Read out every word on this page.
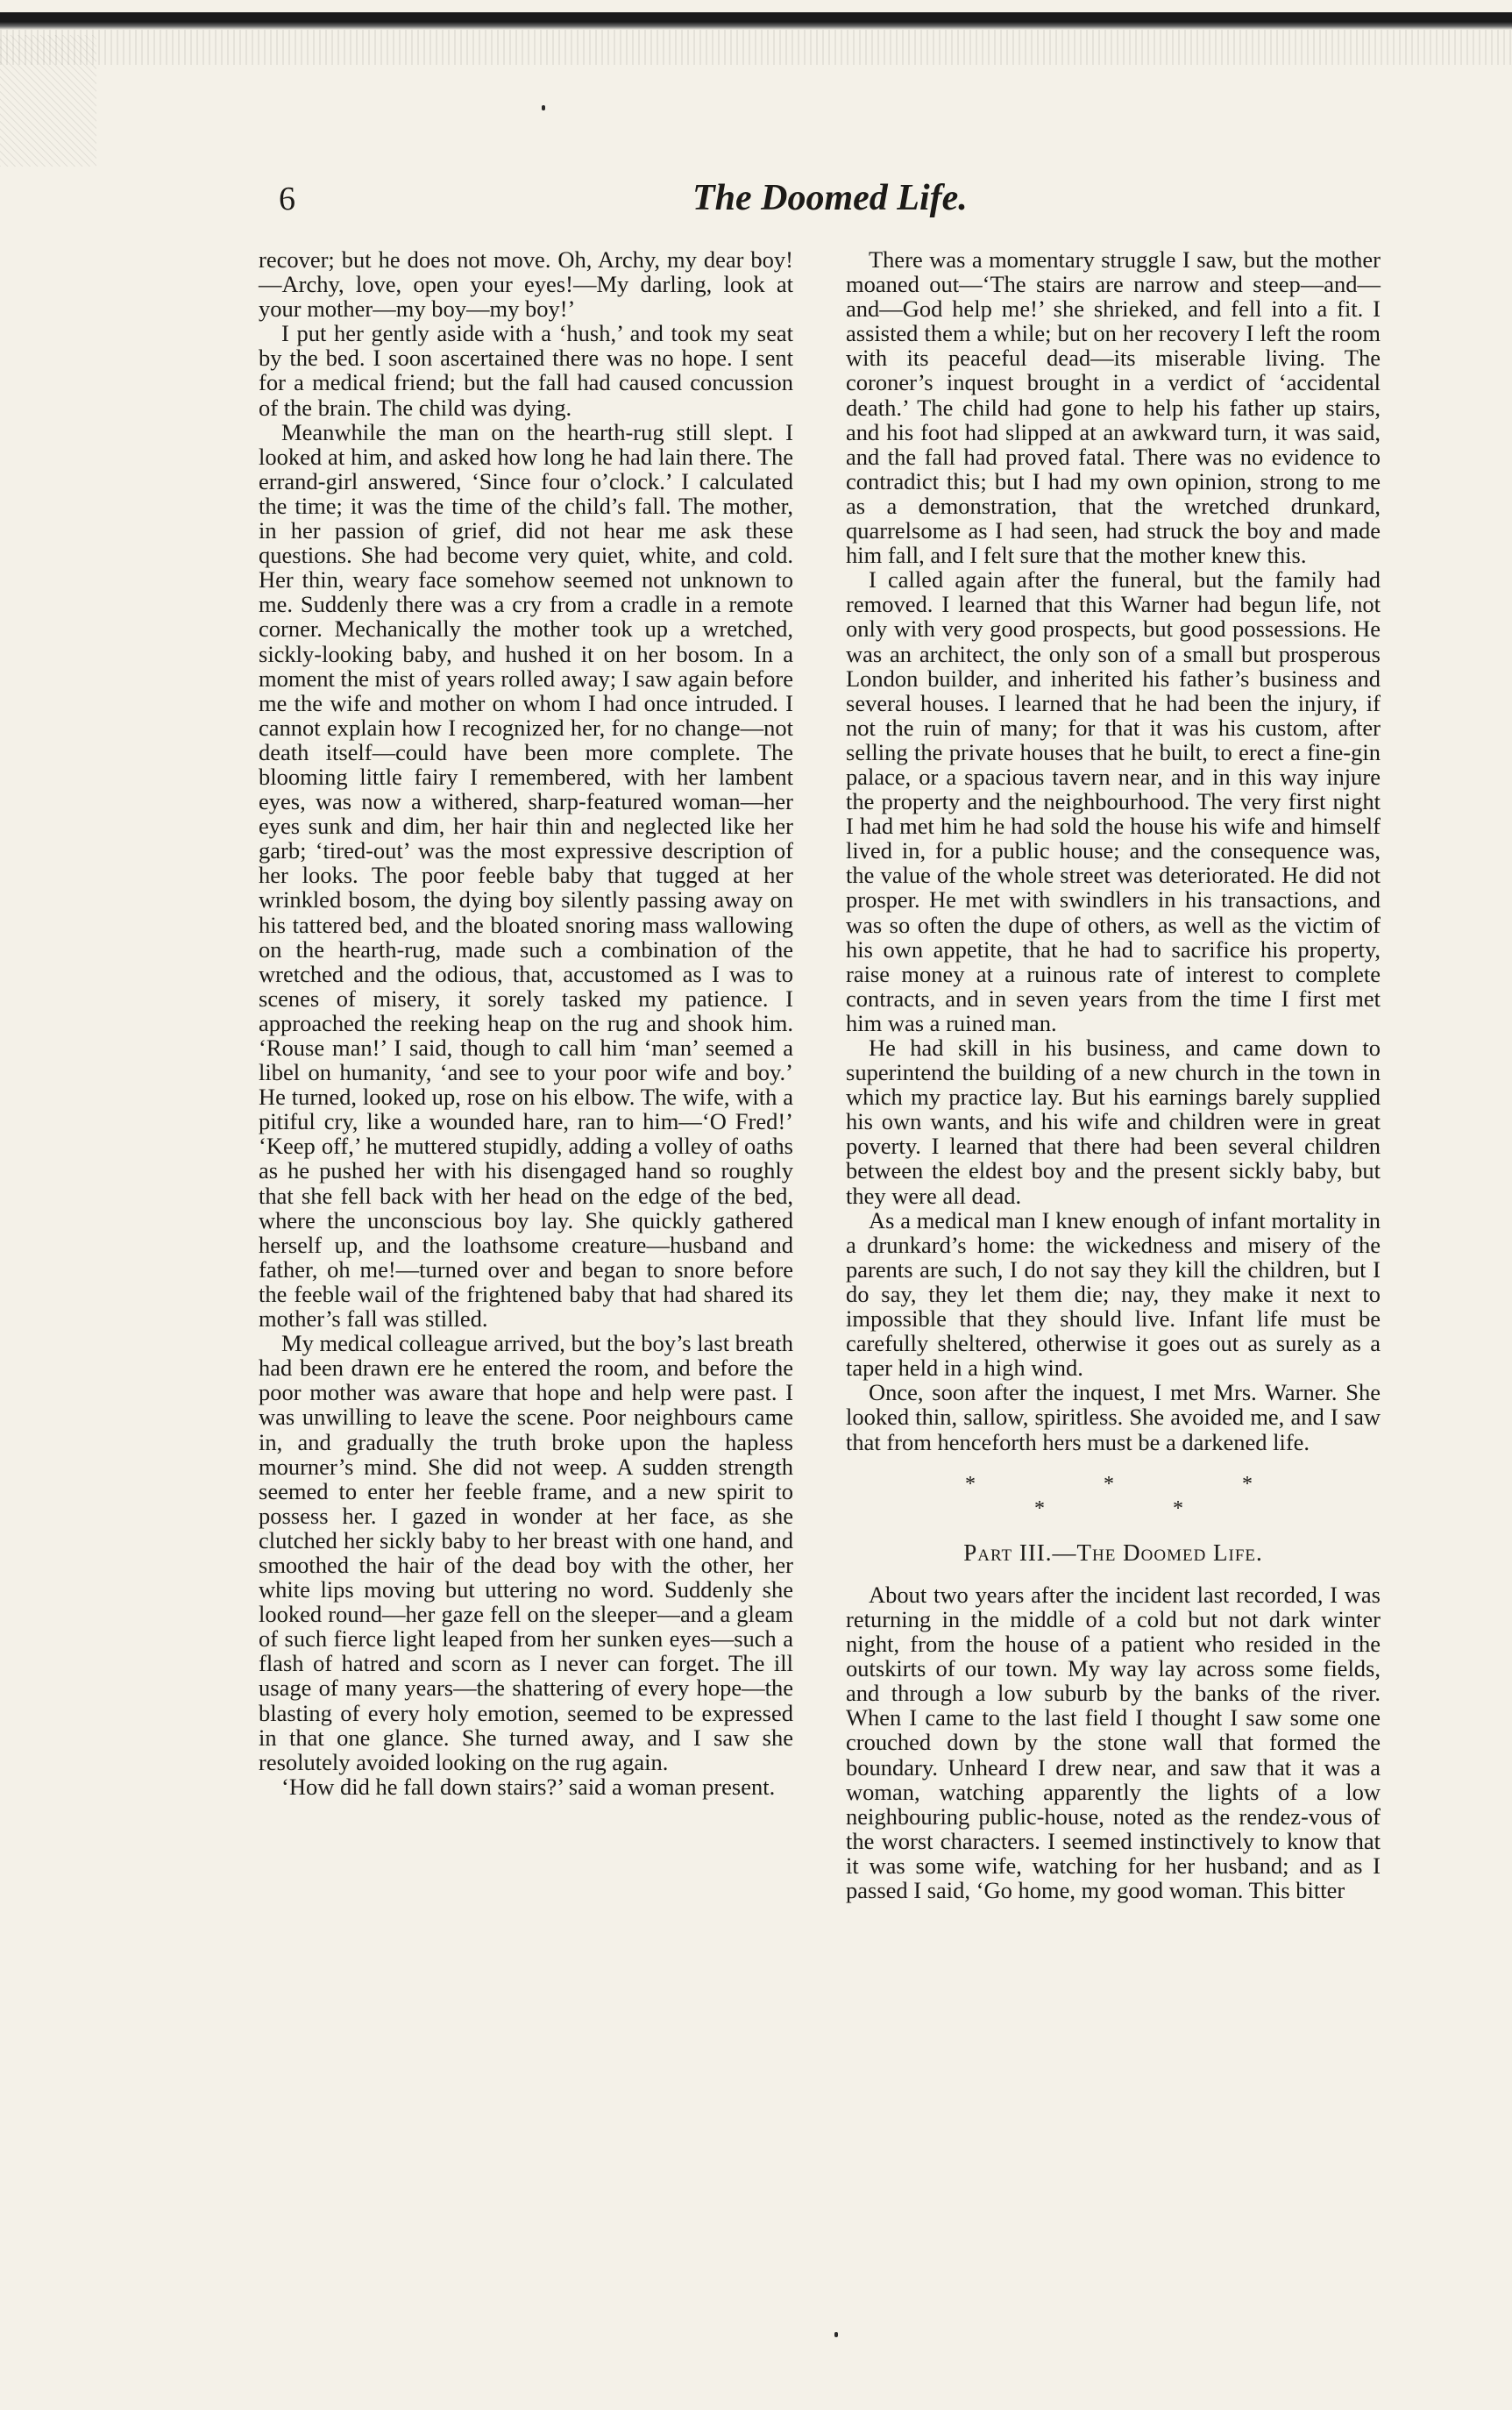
6	The Doomed Life.

recover; but he does not move. Oh, Archy, my dear boy!—Archy, love, open your eyes!—My darling, look at your mother—my boy—my boy!’

I put her gently aside with a ‘hush,’ and took my seat by the bed. I soon ascertained there was no hope. I sent for a medical friend; but the fall had caused concussion of the brain. The child was dying.

Meanwhile the man on the hearth-rug still slept. I looked at him, and asked how long he had lain there. The errand-girl answered, ‘Since four o’clock.’ I calculated the time; it was the time of the child’s fall. The mother, in her passion of grief, did not hear me ask these questions. She had become very quiet, white, and cold. Her thin, weary face somehow seemed not unknown to me. Suddenly there was a cry from a cradle in a remote corner. Mechanically the mother took up a wretched, sickly-looking baby, and hushed it on her bosom. In a moment the mist of years rolled away; I saw again before me the wife and mother on whom I had once intruded. I cannot explain how I recognized her, for no change—not death itself—could have been more complete. The blooming little fairy I remembered, with her lambent eyes, was now a withered, sharp-featured woman—her eyes sunk and dim, her hair thin and neglected like her garb; ‘tired-out’ was the most expressive description of her looks. The poor feeble baby that tugged at her wrinkled bosom, the dying boy silently passing away on his tattered bed, and the bloated snoring mass wallowing on the hearth-rug, made such a combination of the wretched and the odious, that, accustomed as I was to scenes of misery, it sorely tasked my patience. I approached the reeking heap on the rug and shook him. ‘Rouse man!’ I said, though to call him ‘man’ seemed a libel on humanity, ‘and see to your poor wife and boy.’ He turned, looked up, rose on his elbow. The wife, with a pitiful cry, like a wounded hare, ran to him—‘O Fred!’ ‘Keep off,’ he muttered stupidly, adding a volley of oaths as he pushed her with his disengaged hand so roughly that she fell back with her head on the edge of the bed, where the unconscious boy lay. She quickly gathered herself up, and the loathsome creature—husband and father, oh me!—turned over and began to snore before the feeble wail of the frightened baby that had shared its mother’s fall was stilled.

My medical colleague arrived, but the boy’s last breath had been drawn ere he entered the room, and before the poor mother was aware that hope and help were past. I was unwilling to leave the scene. Poor neighbours came in, and gradually the truth broke upon the hapless mourner’s mind. She did not weep. A sudden strength seemed to enter her feeble frame, and a new spirit to possess her. I gazed in wonder at her face, as she clutched her sickly baby to her breast with one hand, and smoothed the hair of the dead boy with the other, her white lips moving but uttering no word. Suddenly she looked round—her gaze fell on the sleeper—and a gleam of such fierce light leaped from her sunken eyes—such a flash of hatred and scorn as I never can forget. The ill usage of many years—the shattering of every hope—the blasting of every holy emotion, seemed to be expressed in that one glance. She turned away, and I saw she resolutely avoided looking on the rug again.

‘How did he fall down stairs?’ said a woman present.

There was a momentary struggle I saw, but the mother moaned out—‘The stairs are narrow and steep—and—and—God help me!’ she shrieked, and fell into a fit. I assisted them a while; but on her recovery I left the room with its peaceful dead—its miserable living. The coroner’s inquest brought in a verdict of ‘accidental death.’ The child had gone to help his father up stairs, and his foot had slipped at an awkward turn, it was said, and the fall had proved fatal. There was no evidence to contradict this; but I had my own opinion, strong to me as a demonstration, that the wretched drunkard, quarrelsome as I had seen, had struck the boy and made him fall, and I felt sure that the mother knew this.

I called again after the funeral, but the family had removed. I learned that this Warner had begun life, not only with very good prospects, but good possessions. He was an architect, the only son of a small but prosperous London builder, and inherited his father’s business and several houses. I learned that he had been the injury, if not the ruin of many; for that it was his custom, after selling the private houses that he built, to erect a fine-gin palace, or a spacious tavern near, and in this way injure the property and the neighbourhood. The very first night I had met him he had sold the house his wife and himself lived in, for a public house; and the consequence was, the value of the whole street was deteriorated. He did not prosper. He met with swindlers in his transactions, and was so often the dupe of others, as well as the victim of his own appetite, that he had to sacrifice his property, raise money at a ruinous rate of interest to complete contracts, and in seven years from the time I first met him was a ruined man.

He had skill in his business, and came down to superintend the building of a new church in the town in which my practice lay. But his earnings barely supplied his own wants, and his wife and children were in great poverty. I learned that there had been several children between the eldest boy and the present sickly baby, but they were all dead.

As a medical man I knew enough of infant mortality in a drunkard’s home: the wickedness and misery of the parents are such, I do not say they kill the children, but I do say, they let them die; nay, they make it next to impossible that they should live. Infant life must be carefully sheltered, otherwise it goes out as surely as a taper held in a high wind.

Once, soon after the inquest, I met Mrs. Warner. She looked thin, sallow, spiritless. She avoided me, and I saw that from henceforth hers must be a darkened life.

* * * * *
Part III.—The Doomed Life.

About two years after the incident last recorded, I was returning in the middle of a cold but not dark winter night, from the house of a patient who resided in the outskirts of our town. My way lay across some fields, and through a low suburb by the banks of the river. When I came to the last field I thought I saw some one crouched down by the stone wall that formed the boundary. Unheard I drew near, and saw that it was a woman, watching apparently the lights of a low neighbouring public-house, noted as the rendez-vous of the worst characters. I seemed instinctively to know that it was some wife, watching for her husband; and as I passed I said, ‘Go home, my good woman. This bitter
